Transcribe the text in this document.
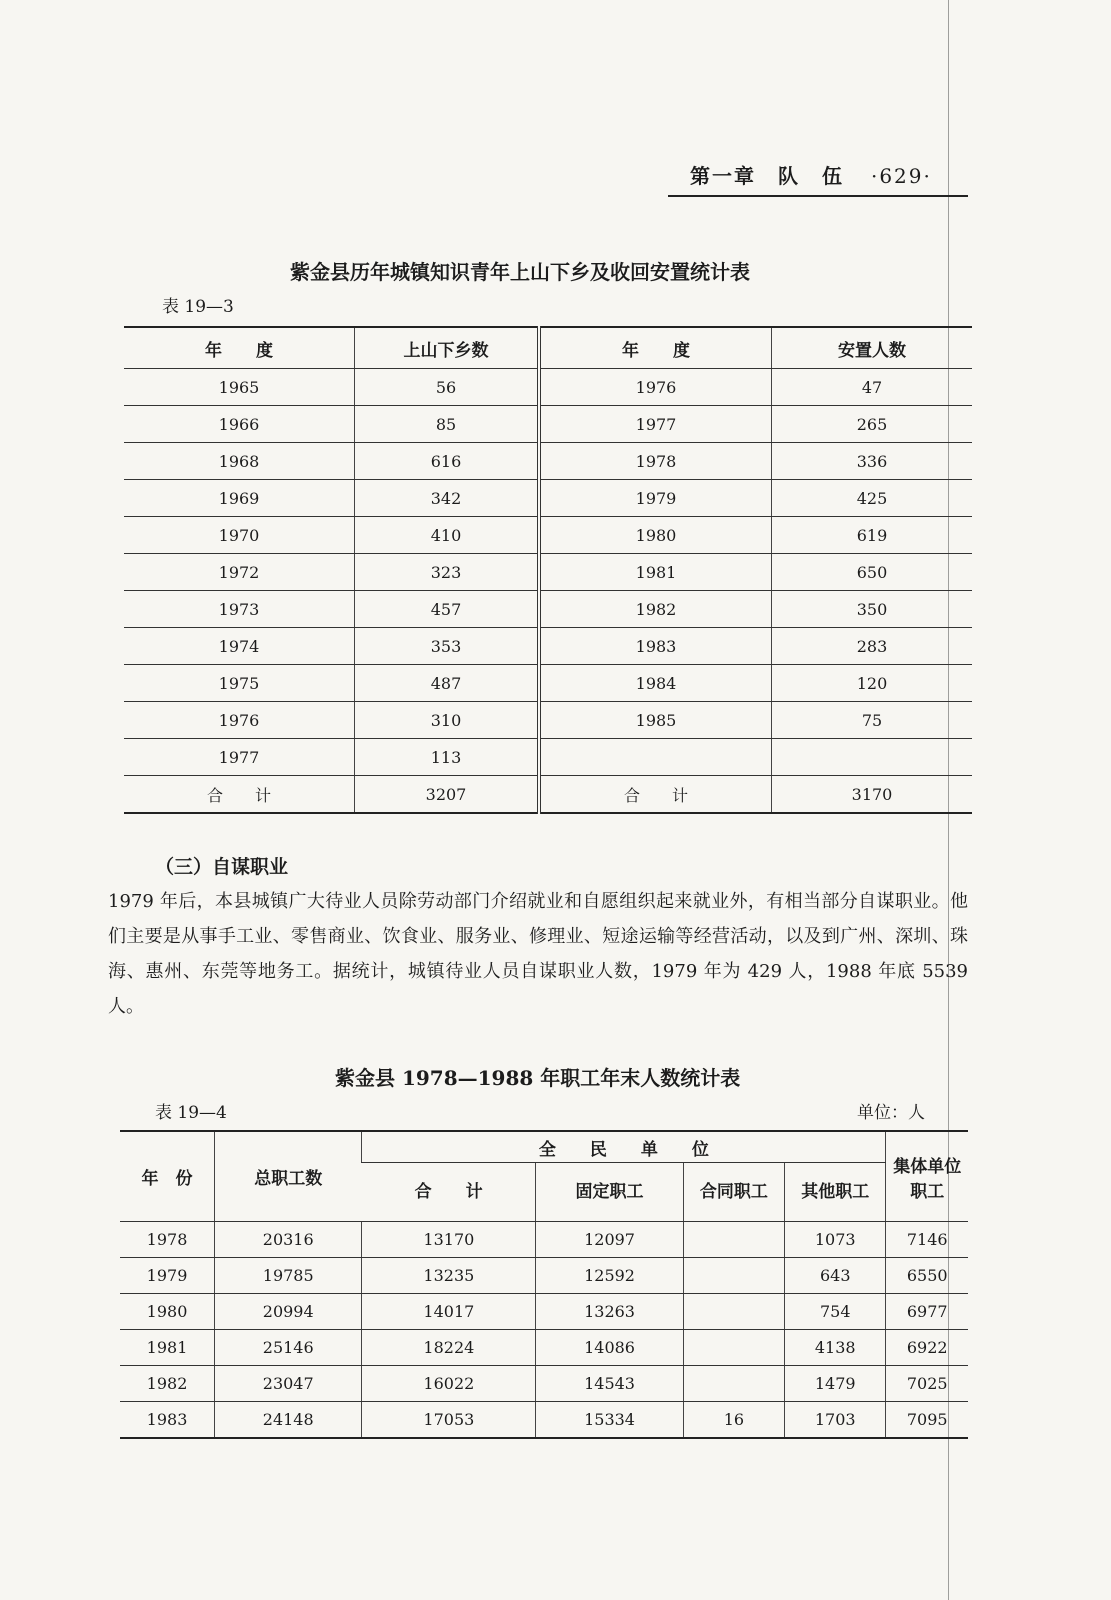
第一章　队　伍 ·629·
紫金县历年城镇知识青年上山下乡及收回安置统计表
表 19—3
年　　度	上山下乡数	年　　度	安置人数
1965	56	1976	47
1966	85	1977	265
1968	616	1978	336
1969	342	1979	425
1970	410	1980	619
1972	323	1981	650
1973	457	1982	350
1974	353	1983	283
1975	487	1984	120
1976	310	1985	75
1977	113		
合　　计	3207	合　　计	3170
（三）自谋职业
1979 年后，本县城镇广大待业人员除劳动部门介绍就业和自愿组织起来就业外，有相当部分自谋职业。他们主要是从事手工业、零售商业、饮食业、服务业、修理业、短途运输等经营活动，以及到广州、深圳、珠海、惠州、东莞等地务工。据统计，城镇待业人员自谋职业人数，1979 年为 429 人，1988 年底 5539 人。
紫金县 1978—1988 年职工年末人数统计表
表 19—4	单位：人
年　份	总职工数	全　　民　　单　　位				集体单位职工
		合　　计	固定职工	合同职工	其他职工	
1978	20316	13170	12097		1073	7146
1979	19785	13235	12592		643	6550
1980	20994	14017	13263		754	6977
1981	25146	18224	14086		4138	6922
1982	23047	16022	14543		1479	7025
1983	24148	17053	15334	16	1703	7095
